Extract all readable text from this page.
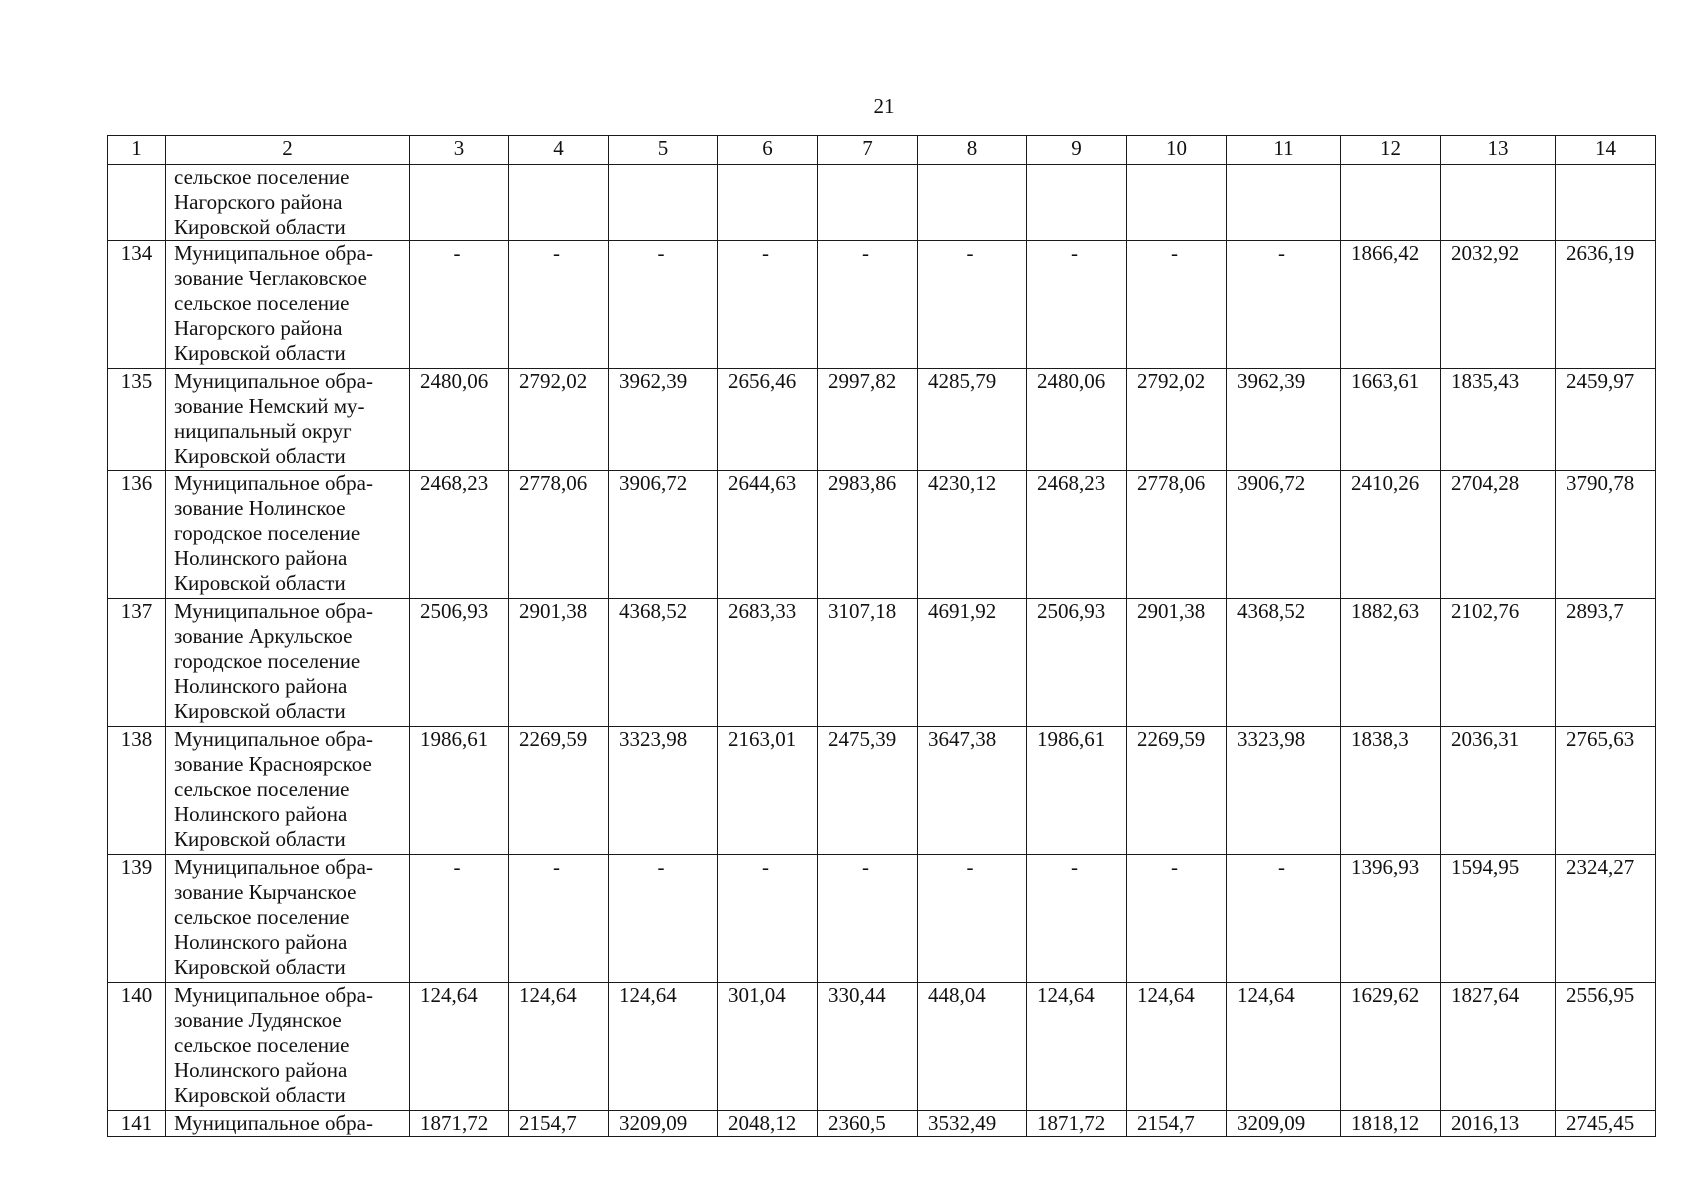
21
1	2	3	4	5	6	7	8	9	10	11	12	13	14

	сельское поселение
Нагорского района
Кировской области												

134	Муниципальное обра-
зование Чеглаковское
сельское поселение
Нагорского района
Кировской области	-	-	-	-	-	-	-	-	-	1866,42	2032,92	2636,19
135	Муниципальное обра-
зование Немский му-
ниципальный округ
Кировской области	2480,06	2792,02	3962,39	2656,46	2997,82	4285,79	2480,06	2792,02	3962,39	1663,61	1835,43	2459,97
136	Муниципальное обра-
зование Нолинское
городское поселение
Нолинского района
Кировской области	2468,23	2778,06	3906,72	2644,63	2983,86	4230,12	2468,23	2778,06	3906,72	2410,26	2704,28	3790,78
137	Муниципальное обра-
зование Аркульское
городское поселение
Нолинского района
Кировской области	2506,93	2901,38	4368,52	2683,33	3107,18	4691,92	2506,93	2901,38	4368,52	1882,63	2102,76	2893,7
138	Муниципальное обра-
зование Красноярское
сельское поселение
Нолинского района
Кировской области	1986,61	2269,59	3323,98	2163,01	2475,39	3647,38	1986,61	2269,59	3323,98	1838,3	2036,31	2765,63
139	Муниципальное обра-
зование Кырчанское
сельское поселение
Нолинского района
Кировской области	-	-	-	-	-	-	-	-	-	1396,93	1594,95	2324,27
140	Муниципальное обра-
зование Лудянское
сельское поселение
Нолинского района
Кировской области	124,64	124,64	124,64	301,04	330,44	448,04	124,64	124,64	124,64	1629,62	1827,64	2556,95
141	Муниципальное обра-	1871,72	2154,7	3209,09	2048,12	2360,5	3532,49	1871,72	2154,7	3209,09	1818,12	2016,13	2745,45
